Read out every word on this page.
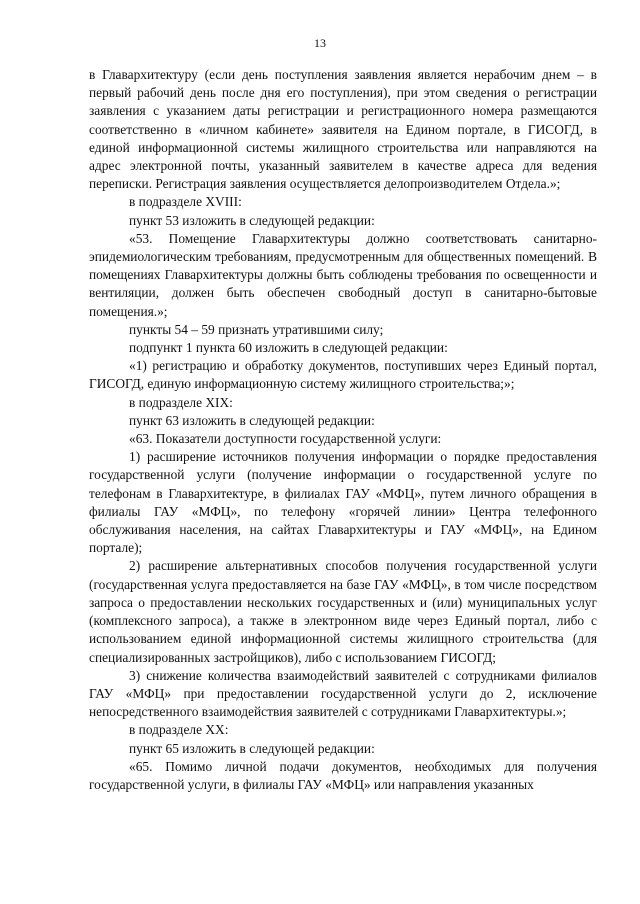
13

в Главархитектуру (если день поступления заявления является нерабочим днем – в первый рабочий день после дня его поступления), при этом сведения о регистрации заявления с указанием даты регистрации и регистрационного номера размещаются соответственно в «личном кабинете» заявителя на Едином портале, в ГИСОГД, в единой информационной системы жилищного строительства или направляются на адрес электронной почты, указанный заявителем в качестве адреса для ведения переписки. Регистрация заявления осуществляется делопроизводителем Отдела.»;

в подразделе XVIII:

пункт 53 изложить в следующей редакции:

«53. Помещение Главархитектуры должно соответствовать санитарно-эпидемиологическим требованиям, предусмотренным для общественных помещений. В помещениях Главархитектуры должны быть соблюдены требования по освещенности и вентиляции, должен быть обеспечен свободный доступ в санитарно-бытовые помещения.»;

пункты 54 – 59 признать утратившими силу;

подпункт 1 пункта 60 изложить в следующей редакции:

«1) регистрацию и обработку документов, поступивших через Единый портал, ГИСОГД, единую информационную систему жилищного строительства;»;

в подразделе XIX:

пункт 63 изложить в следующей редакции:

«63. Показатели доступности государственной услуги:

1) расширение источников получения информации о порядке предоставления государственной услуги (получение информации о государственной услуге по телефонам в Главархитектуре, в филиалах ГАУ «МФЦ», путем личного обращения в филиалы ГАУ «МФЦ», по телефону «горячей линии» Центра телефонного обслуживания населения, на сайтах Главархитектуры и ГАУ «МФЦ», на Едином портале);

2) расширение альтернативных способов получения государственной услуги (государственная услуга предоставляется на базе ГАУ «МФЦ», в том числе посредством запроса о предоставлении нескольких государственных и (или) муниципальных услуг (комплексного запроса), а также в электронном виде через Единый портал, либо с использованием единой информационной системы жилищного строительства (для специализированных застройщиков), либо с использованием ГИСОГД;

3) снижение количества взаимодействий заявителей с сотрудниками филиалов ГАУ «МФЦ» при предоставлении государственной услуги до 2, исключение непосредственного взаимодействия заявителей с сотрудниками Главархитектуры.»;

в подразделе XX:

пункт 65 изложить в следующей редакции:

«65. Помимо личной подачи документов, необходимых для получения государственной услуги, в филиалы ГАУ «МФЦ» или направления указанных
